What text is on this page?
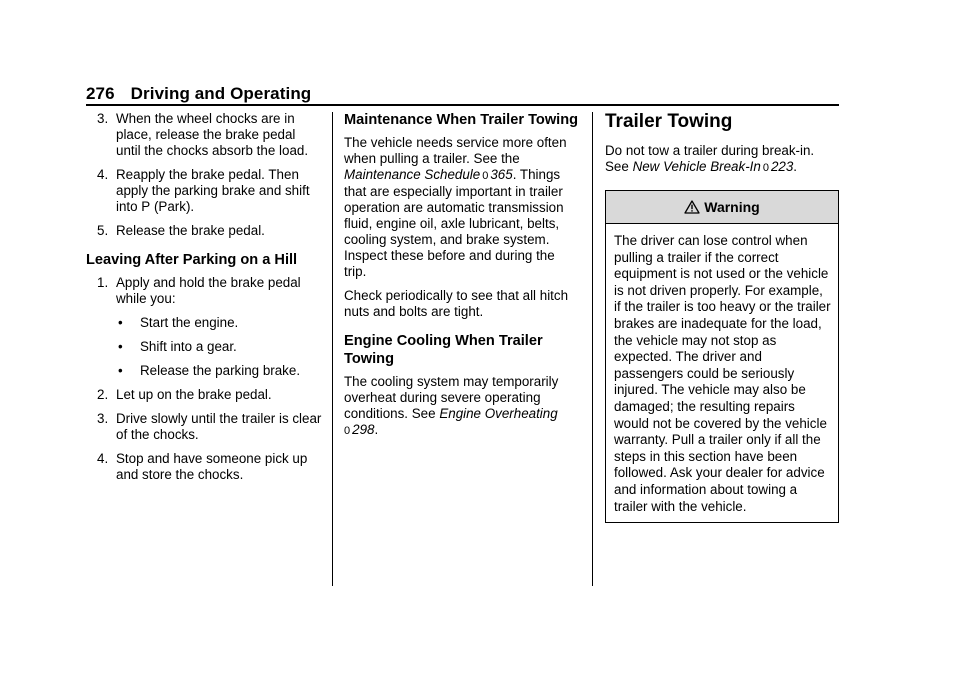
276 Driving and Operating
3. When the wheel chocks are in place, release the brake pedal until the chocks absorb the load.
4. Reapply the brake pedal. Then apply the parking brake and shift into P (Park).
5. Release the brake pedal.
Leaving After Parking on a Hill
1. Apply and hold the brake pedal while you:
• Start the engine.
• Shift into a gear.
• Release the parking brake.
2. Let up on the brake pedal.
3. Drive slowly until the trailer is clear of the chocks.
4. Stop and have someone pick up and store the chocks.
Maintenance When Trailer Towing

The vehicle needs service more often when pulling a trailer. See the Maintenance Schedule 0 365. Things that are especially important in trailer operation are automatic transmission fluid, engine oil, axle lubricant, belts, cooling system, and brake system. Inspect these before and during the trip.

Check periodically to see that all hitch nuts and bolts are tight.

Engine Cooling When Trailer Towing

The cooling system may temporarily overheat during severe operating conditions. See Engine Overheating
0 298.

Trailer Towing

Do not tow a trailer during break-in. See New Vehicle Break-In 0 223.

Warning
The driver can lose control when pulling a trailer if the correct equipment is not used or the vehicle is not driven properly. For example, if the trailer is too heavy or the trailer brakes are inadequate for the load, the vehicle may not stop as expected. The driver and passengers could be seriously injured. The vehicle may also be damaged; the resulting repairs would not be covered by the vehicle warranty. Pull a trailer only if all the steps in this section have been followed. Ask your dealer for advice and information about towing a trailer with the vehicle.
